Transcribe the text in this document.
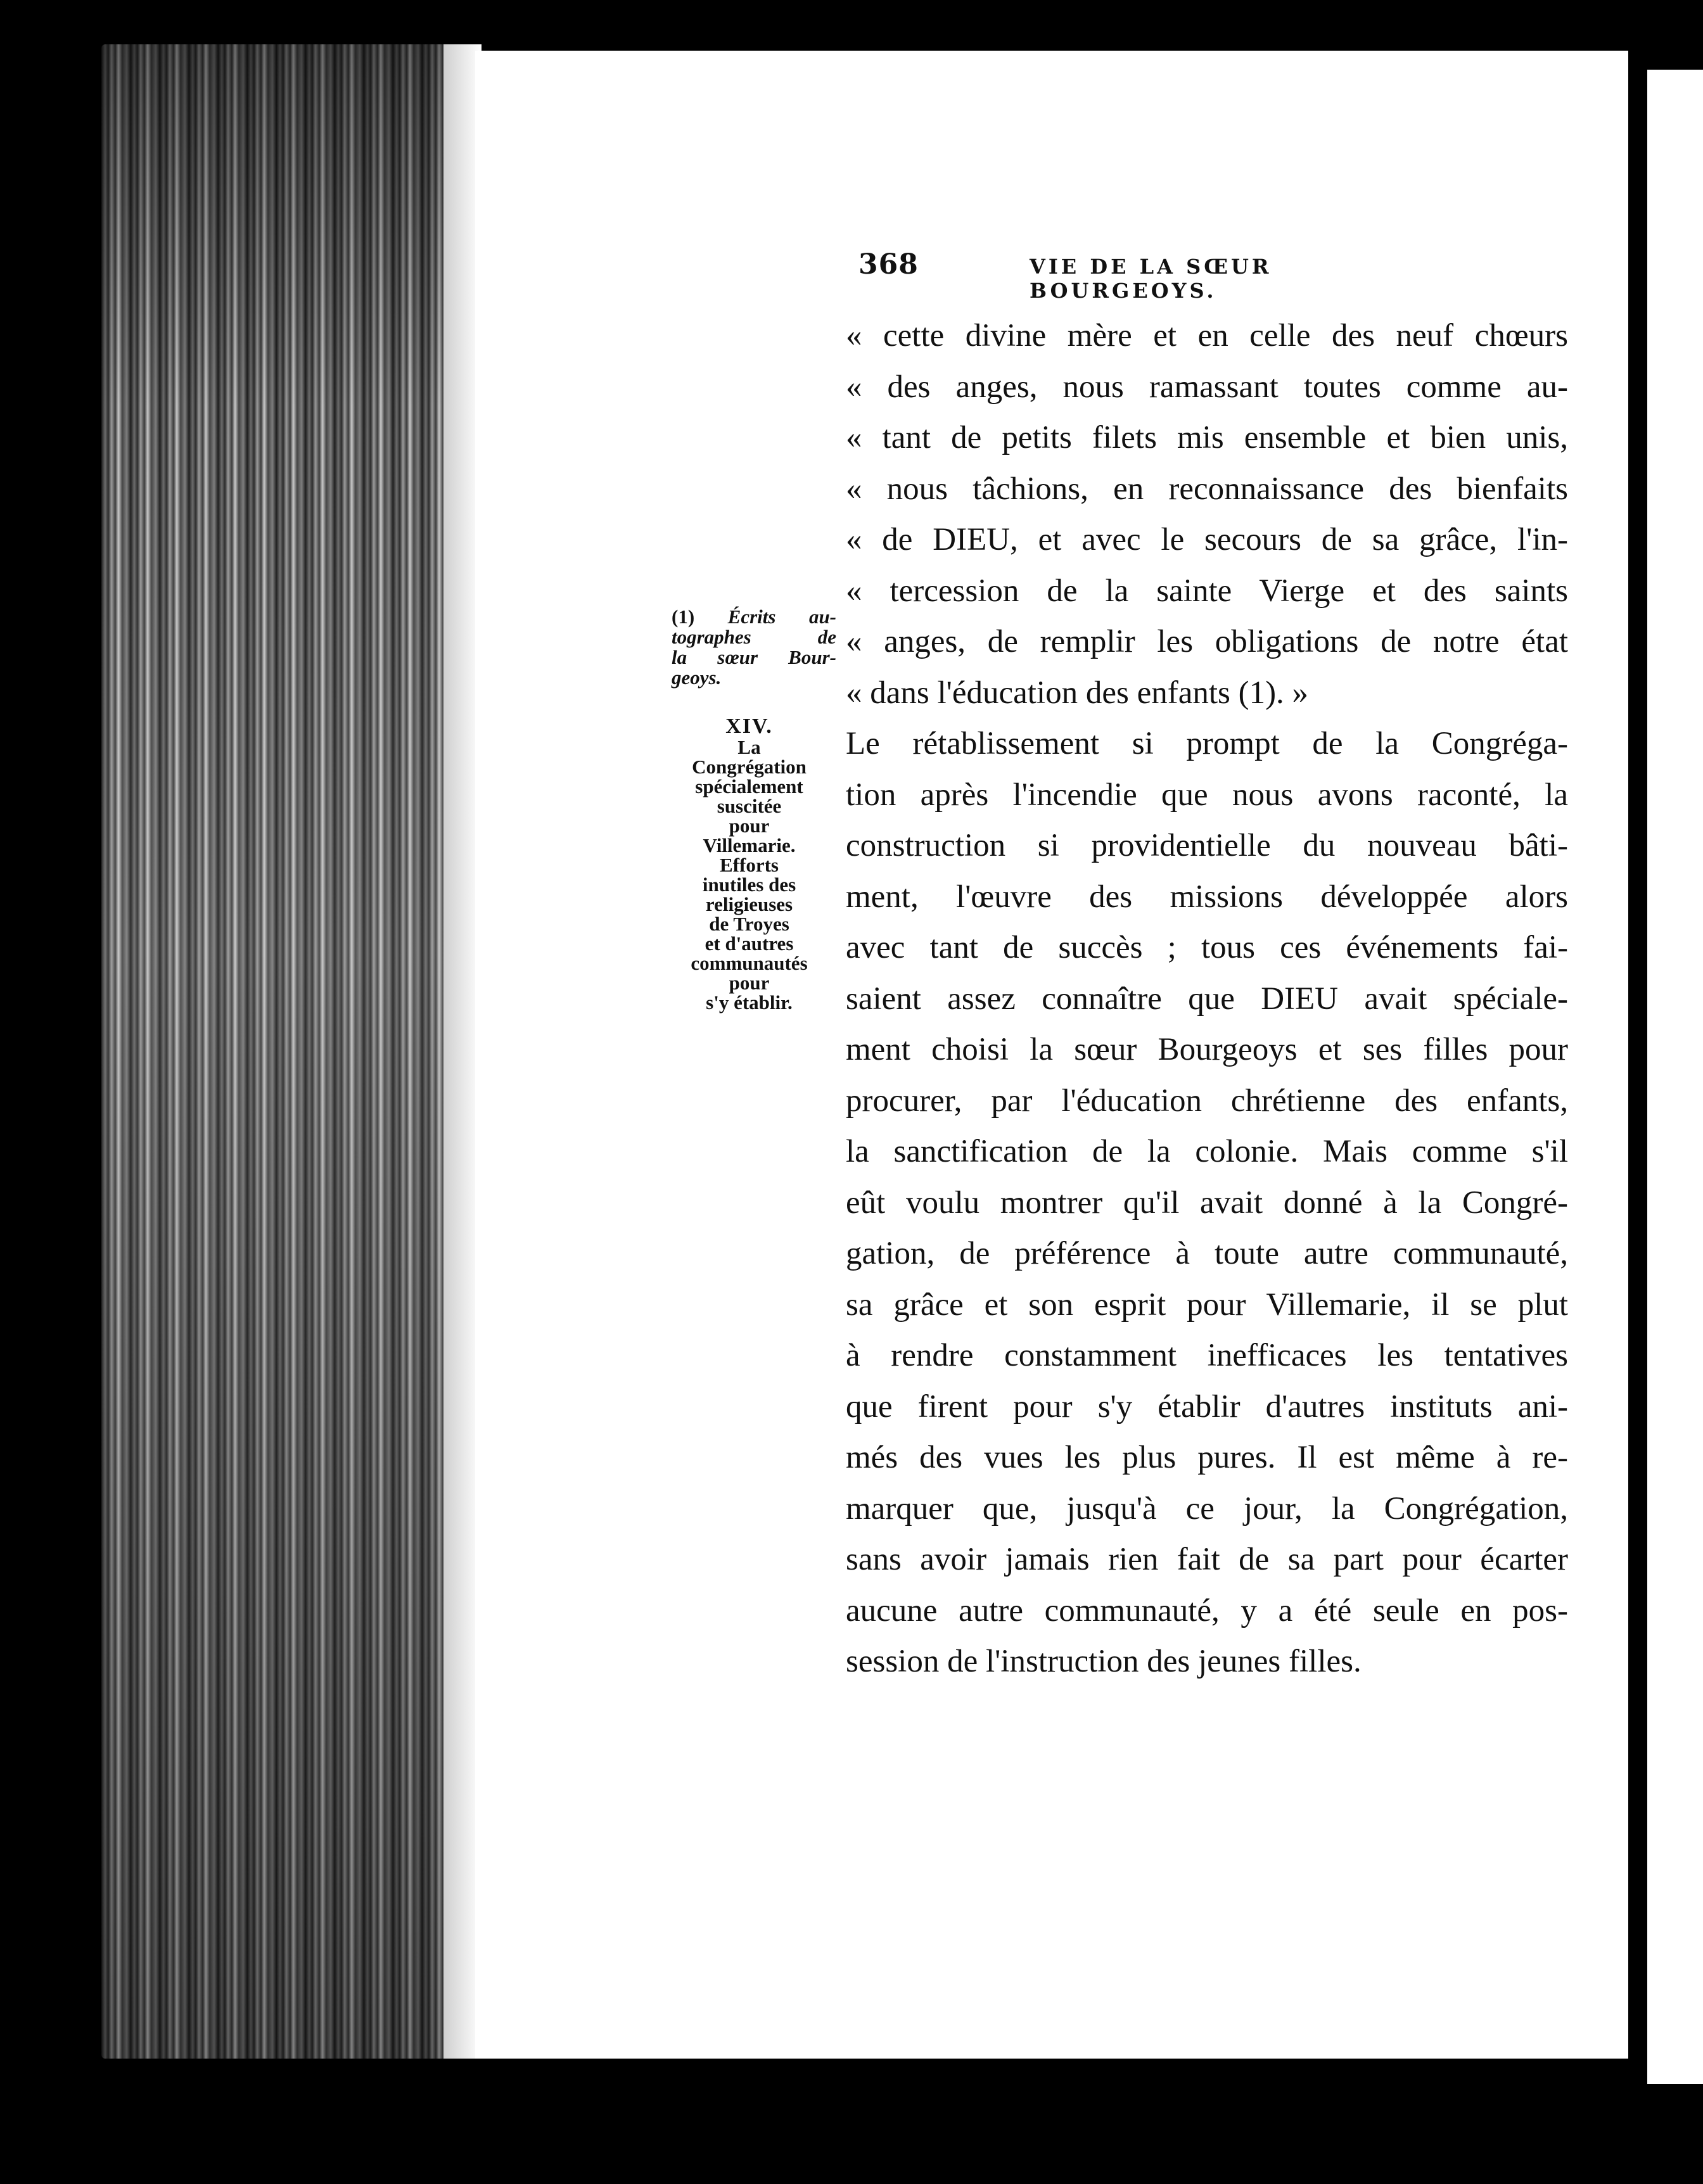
368	VIE DE LA SŒUR BOURGEOYS.
(1) Écrits au-
tographes de
la sœur Bour-
geoys.
XIV.
La
Congrégation
spécialement
suscitée
pour
Villemarie.
Efforts
inutiles des
religieuses
de Troyes
et d'autres
communautés
pour
s'y établir.
« cette divine mère et en celle des neuf chœurs
« des anges, nous ramassant toutes comme au-
« tant de petits filets mis ensemble et bien unis,
« nous tâchions, en reconnaissance des bienfaits
« de DIEU, et avec le secours de sa grâce, l'in-
« tercession de la sainte Vierge et des saints
« anges, de remplir les obligations de notre état
« dans l'éducation des enfants (1). »
Le rétablissement si prompt de la Congréga-
tion après l'incendie que nous avons raconté, la
construction si providentielle du nouveau bâti-
ment, l'œuvre des missions développée alors
avec tant de succès ; tous ces événements fai-
saient assez connaître que DIEU avait spéciale-
ment choisi la sœur Bourgeoys et ses filles pour
procurer, par l'éducation chrétienne des enfants,
la sanctification de la colonie. Mais comme s'il
eût voulu montrer qu'il avait donné à la Congré-
gation, de préférence à toute autre communauté,
sa grâce et son esprit pour Villemarie, il se plut
à rendre constamment inefficaces les tentatives
que firent pour s'y établir d'autres instituts ani-
més des vues les plus pures. Il est même à re-
marquer que, jusqu'à ce jour, la Congrégation,
sans avoir jamais rien fait de sa part pour écarter
aucune autre communauté, y a été seule en pos-
session de l'instruction des jeunes filles.
